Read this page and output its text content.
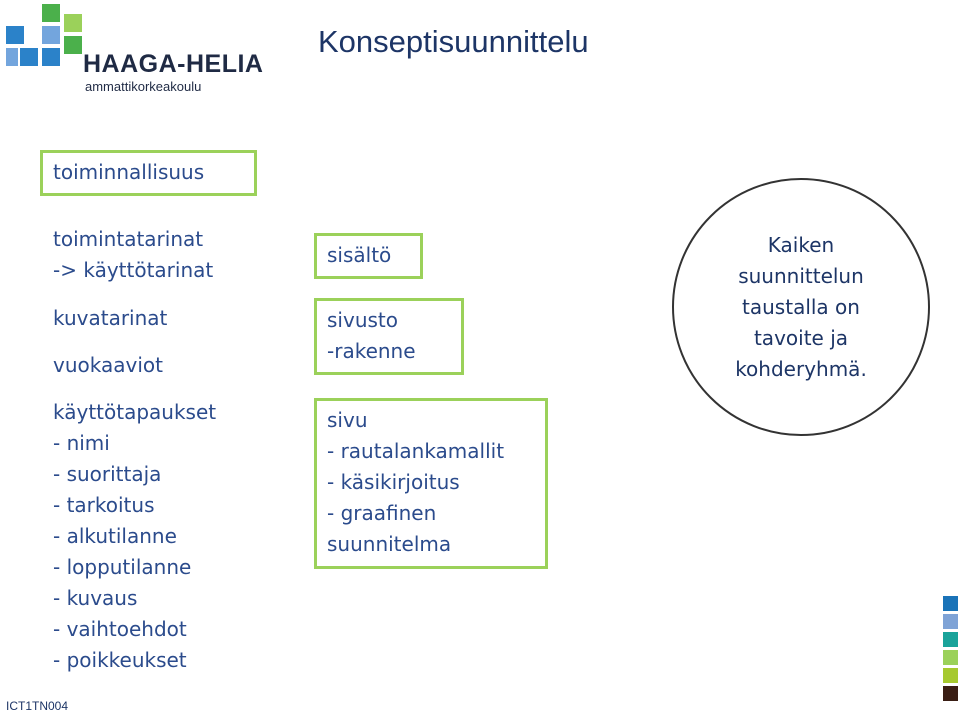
HAAGA-HELIA
ammattikorkeakoulu
Konseptisuunnittelu
toiminnallisuus
toimintatarinat
-> käyttötarinat
kuvatarinat
vuokaaviot
käyttötapaukset
- nimi
- suorittaja
- tarkoitus
- alkutilanne
- lopputilanne
- kuvaus
- vaihtoehdot
- poikkeukset
sisältö
sivusto
-rakenne
sivu
- rautalankamallit
- käsikirjoitus
- graafinen
suunnitelma
Kaiken
suunnittelun
taustalla on
tavoite ja
kohderyhmä.
ICT1TN004
